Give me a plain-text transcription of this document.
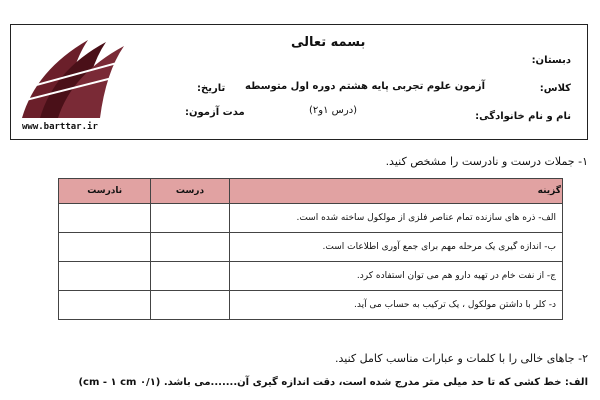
بسمه تعالی
دبستان:
کلاس:
نام و نام خانوادگی:
آزمون علوم تجربی پایه هشتم دوره اول متوسطه
(درس ۱و۲)
تاریخ:
مدت آزمون:
www.barttar.ir
۱- جملات درست و نادرست را مشخص کنید.
گزینه	درست	نادرست
الف- ذره های سازنده تمام عناصر فلزی از مولکول ساخته شده است.		
ب- اندازه گیری یک مرحله مهم برای جمع آوری اطلاعات است.		
ج- از نفت خام در تهیه دارو هم می توان استفاده کرد.		
د- کلر با داشتن مولکول ، یک ترکیب به حساب می آید.		
۲- جاهای خالی را با کلمات و عبارات مناسب کامل کنید.
الف: خط کشی که تا حد میلی متر مدرج شده است، دقت اندازه گیری آن.......می باشد. (۰/۱ cm - ۱ cm)
